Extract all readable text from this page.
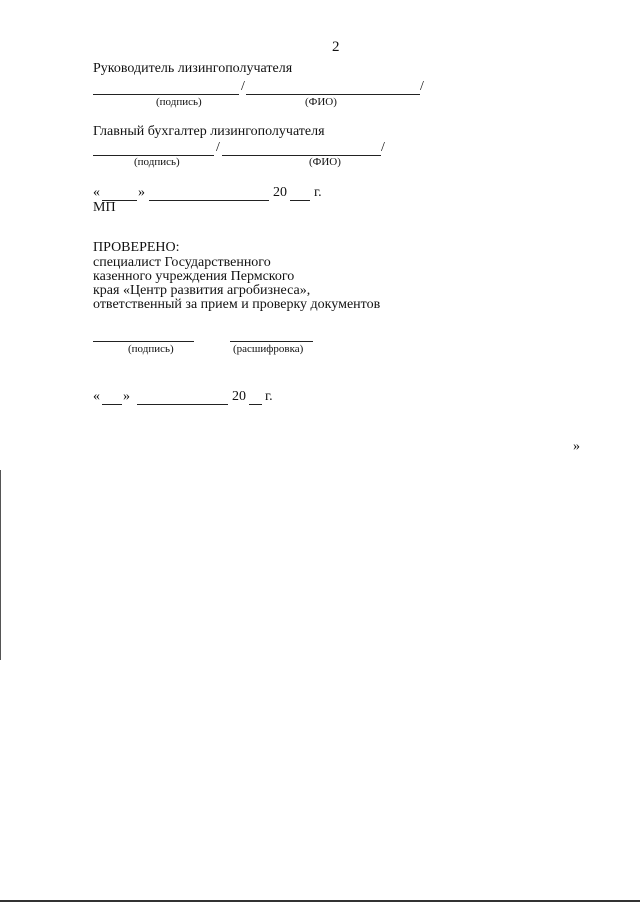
2
Руководитель лизингополучателя
/	/
(подпись)	(ФИО)
Главный бухгалтер лизингополучателя
/	/
(подпись)	(ФИО)
«	»	20 г.
МП
ПРОВЕРЕНО:
специалист Государственного
казенного учреждения Пермского
края «Центр развития агробизнеса»,
ответственный за прием и проверку документов
(подпись)	(расшифровка)
« »	20 г.
»
